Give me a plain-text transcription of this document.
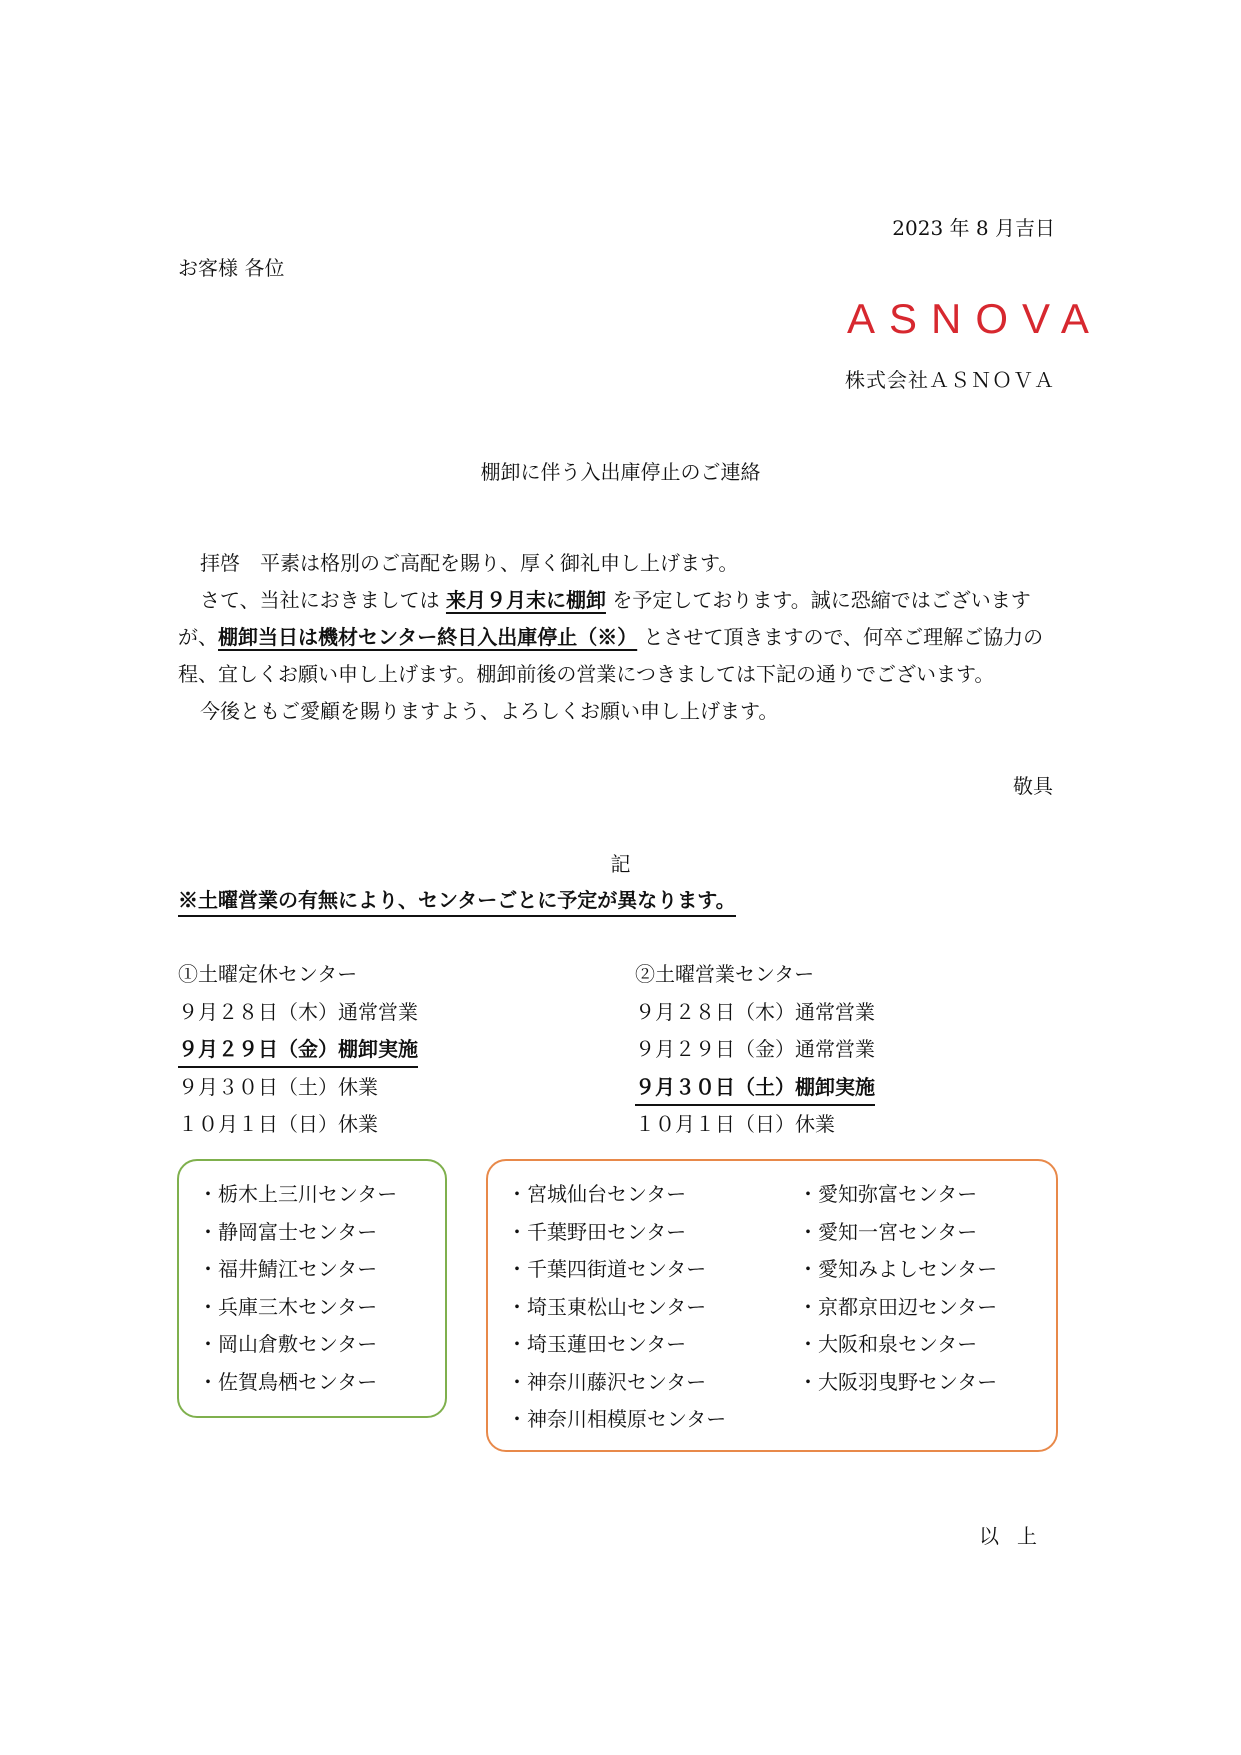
2023 年 8 月吉日
お客様 各位
ASNOVA
株式会社ＡＳＮＯＶＡ
棚卸に伴う入出庫停止のご連絡

拝啓　平素は格別のご高配を賜り、厚く御礼申し上げます。

さて、当社におきましては 来月９月末に棚卸 を予定しております。誠に恐縮ではございますが、棚卸当日は機材センター終日入出庫停止（※） とさせて頂きますので、何卒ご理解ご協力の程、宜しくお願い申し上げます。棚卸前後の営業につきましては下記の通りでございます。

今後ともご愛顧を賜りますよう、よろしくお願い申し上げます。

敬具
記
※土曜営業の有無により、センターごとに予定が異なります。
①土曜定休センター
９月２８日（木）通常営業
９月２９日（金）棚卸実施
９月３０日（土）休業
１０月１日（日）休業
②土曜営業センター
９月２８日（木）通常営業
９月２９日（金）通常営業
９月３０日（土）棚卸実施
１０月１日（日）休業
・栃木上三川センター
・静岡富士センター
・福井鯖江センター
・兵庫三木センター
・岡山倉敷センター
・佐賀鳥栖センター
・宮城仙台センター
・千葉野田センター
・千葉四街道センター
・埼玉東松山センター
・埼玉蓮田センター
・神奈川藤沢センター
・神奈川相模原センター
・愛知弥富センター
・愛知一宮センター
・愛知みよしセンター
・京都京田辺センター
・大阪和泉センター
・大阪羽曳野センター
以上
